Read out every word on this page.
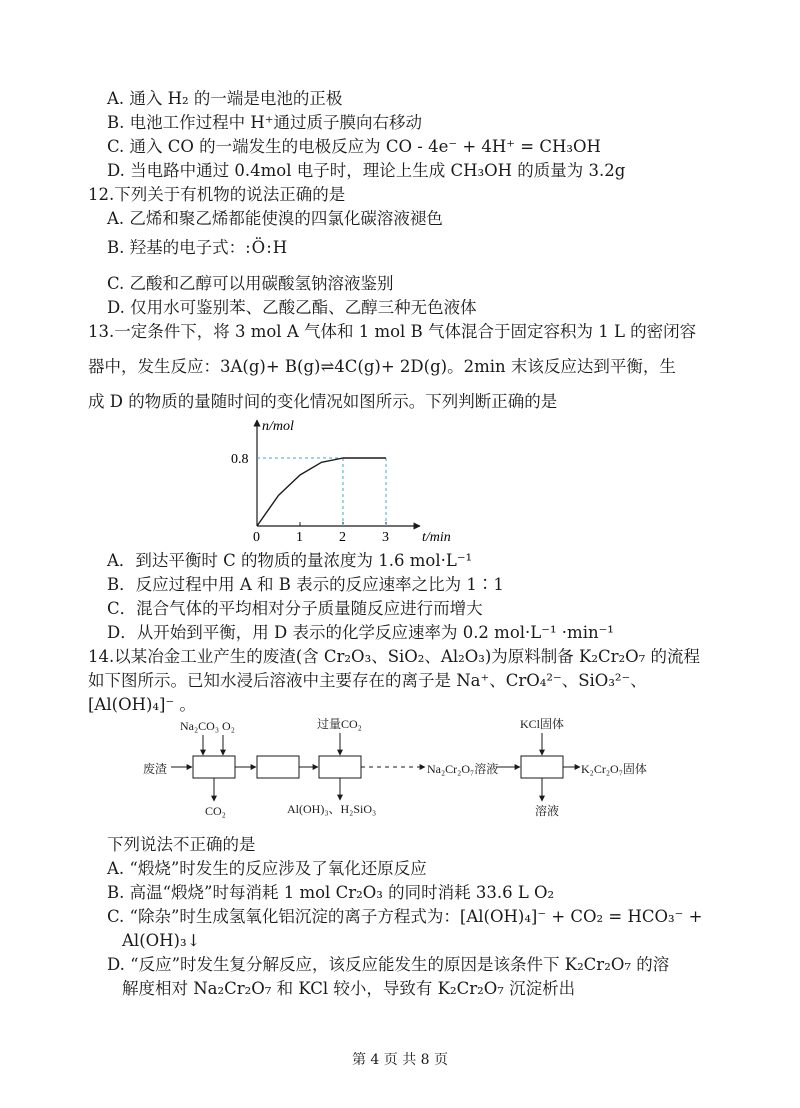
A. 通入 H₂ 的一端是电池的正极
B. 电池工作过程中 H⁺通过质子膜向右移动
C. 通入 CO 的一端发生的电极反应为 CO - 4e⁻ + 4H⁺ = CH₃OH
D. 当电路中通过 0.4mol 电子时，理论上生成 CH₃OH 的质量为 3.2g
12.下列关于有机物的说法正确的是
A. 乙烯和聚乙烯都能使溴的四氯化碳溶液褪色
B. 羟基的电子式：:Ö:H
C. 乙酸和乙醇可以用碳酸氢钠溶液鉴别
D. 仅用水可鉴别苯、乙酸乙酯、乙醇三种无色液体
13.一定条件下，将 3 mol A 气体和 1 mol B 气体混合于固定容积为 1 L 的密闭容
器中，发生反应：3A(g)+ B(g)⇌4C(g)+ 2D(g)。2min 末该反应达到平衡，生
成 D 的物质的量随时间的变化情况如图所示。下列判断正确的是
n/mol
t/min
0	1	2	3
0.8
A．到达平衡时 C 的物质的量浓度为 1.6 mol·L⁻¹
B．反应过程中用 A 和 B 表示的反应速率之比为 1∶1
C．混合气体的平均相对分子质量随反应进行而增大
D．从开始到平衡，用 D 表示的化学反应速率为 0.2 mol·L⁻¹ ·min⁻¹
14.以某冶金工业产生的废渣(含 Cr₂O₃、SiO₂、Al₂O₃)为原料制备 K₂Cr₂O₇ 的流程
如下图所示。已知水浸后溶液中主要存在的离子是 Na⁺、CrO₄²⁻、SiO₃²⁻、
[Al(OH)₄]⁻ 。
废渣
Na₂CO₃ O₂	过量CO₂	KCl固体
CO₂	Al(OH)₃、H₂SiO₃	溶液
Na₂Cr₂O₇溶液	K₂Cr₂O₇固体
下列说法不正确的是
A. “煅烧”时发生的反应涉及了氧化还原反应
B. 高温“煅烧”时每消耗 1 mol Cr₂O₃ 的同时消耗 33.6 L O₂
C. “除杂”时生成氢氧化铝沉淀的离子方程式为：[Al(OH)₄]⁻ + CO₂ = HCO₃⁻ +
Al(OH)₃↓
D. “反应”时发生复分解反应，该反应能发生的原因是该条件下 K₂Cr₂O₇ 的溶
解度相对 Na₂Cr₂O₇ 和 KCl 较小，导致有 K₂Cr₂O₇ 沉淀析出
第 4 页 共 8 页
